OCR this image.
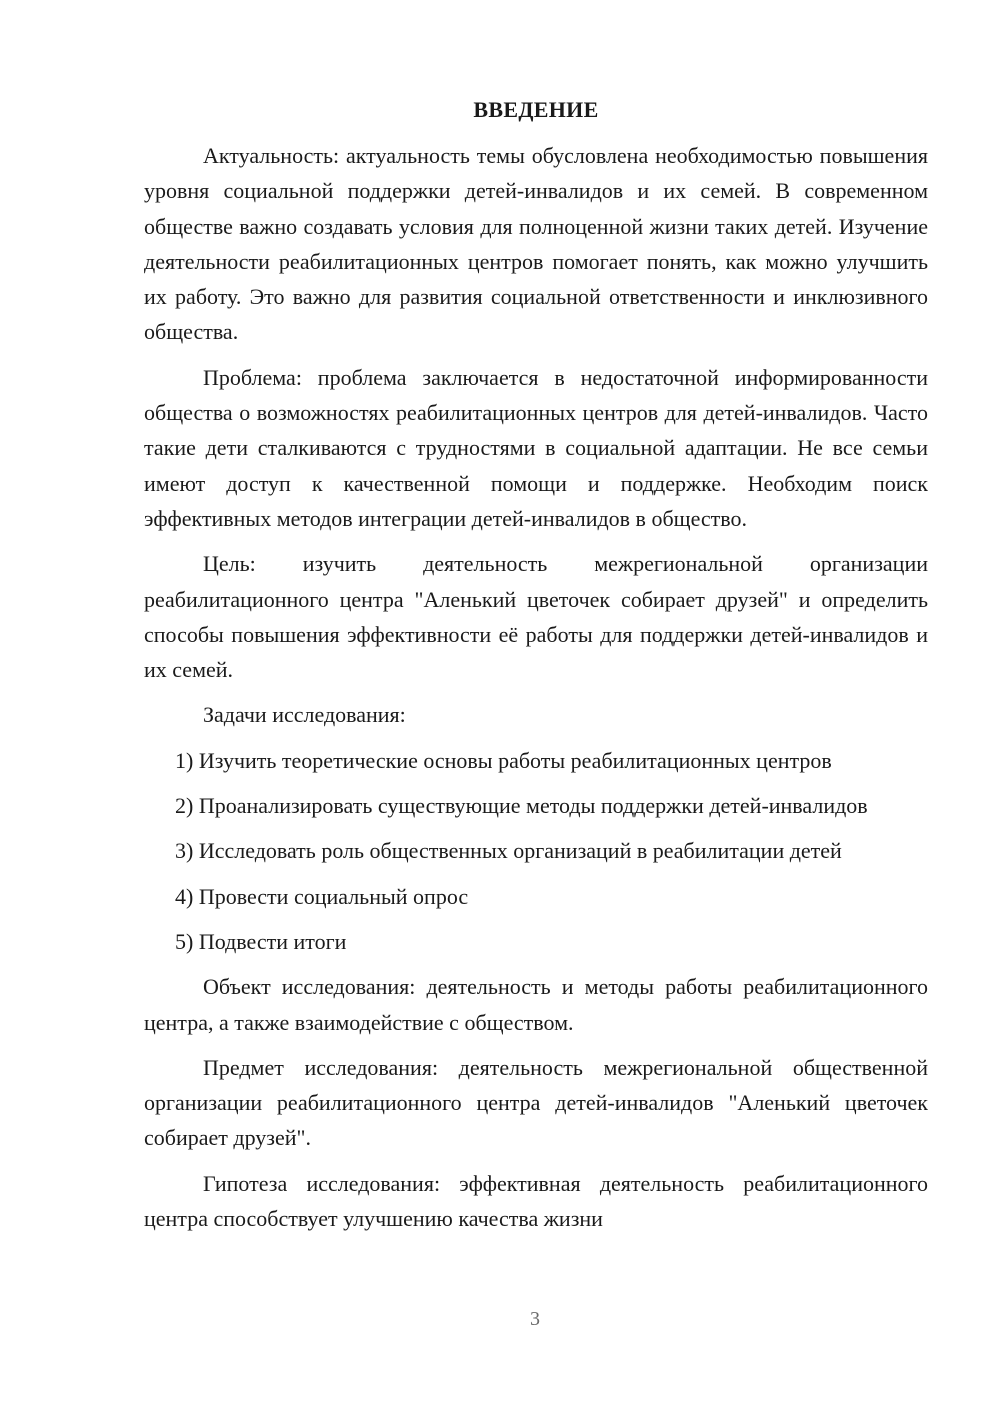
ВВЕДЕНИЕ

Актуальность: актуальность темы обусловлена необходимостью повышения уровня социальной поддержки детей-инвалидов и их семей. В современном обществе важно создавать условия для полноценной жизни таких детей. Изучение деятельности реабилитационных центров помогает понять, как можно улучшить их работу. Это важно для развития социальной ответственности и инклюзивного общества.

Проблема: проблема заключается в недостаточной информированности общества о возможностях реабилитационных центров для детей-инвалидов. Часто такие дети сталкиваются с трудностями в социальной адаптации. Не все семьи имеют доступ к качественной помощи и поддержке. Необходим поиск эффективных методов интеграции детей-инвалидов в общество.

Цель: изучить деятельность межрегиональной организации реабилитационного центра "Аленький цветочек собирает друзей" и определить способы повышения эффективности её работы для поддержки детей-инвалидов и их семей.

Задачи исследования:

1) Изучить теоретические основы работы реабилитационных центров

2) Проанализировать существующие методы поддержки детей-инвалидов

3) Исследовать роль общественных организаций в реабилитации детей

4) Провести социальный опрос

5) Подвести итоги

Объект исследования: деятельность и методы работы реабилитационного центра, а также взаимодействие с обществом.

Предмет исследования: деятельность межрегиональной общественной организации реабилитационного центра детей-инвалидов "Аленький цветочек собирает друзей".

Гипотеза исследования: эффективная деятельность реабилитационного центра способствует улучшению качества жизни

3
